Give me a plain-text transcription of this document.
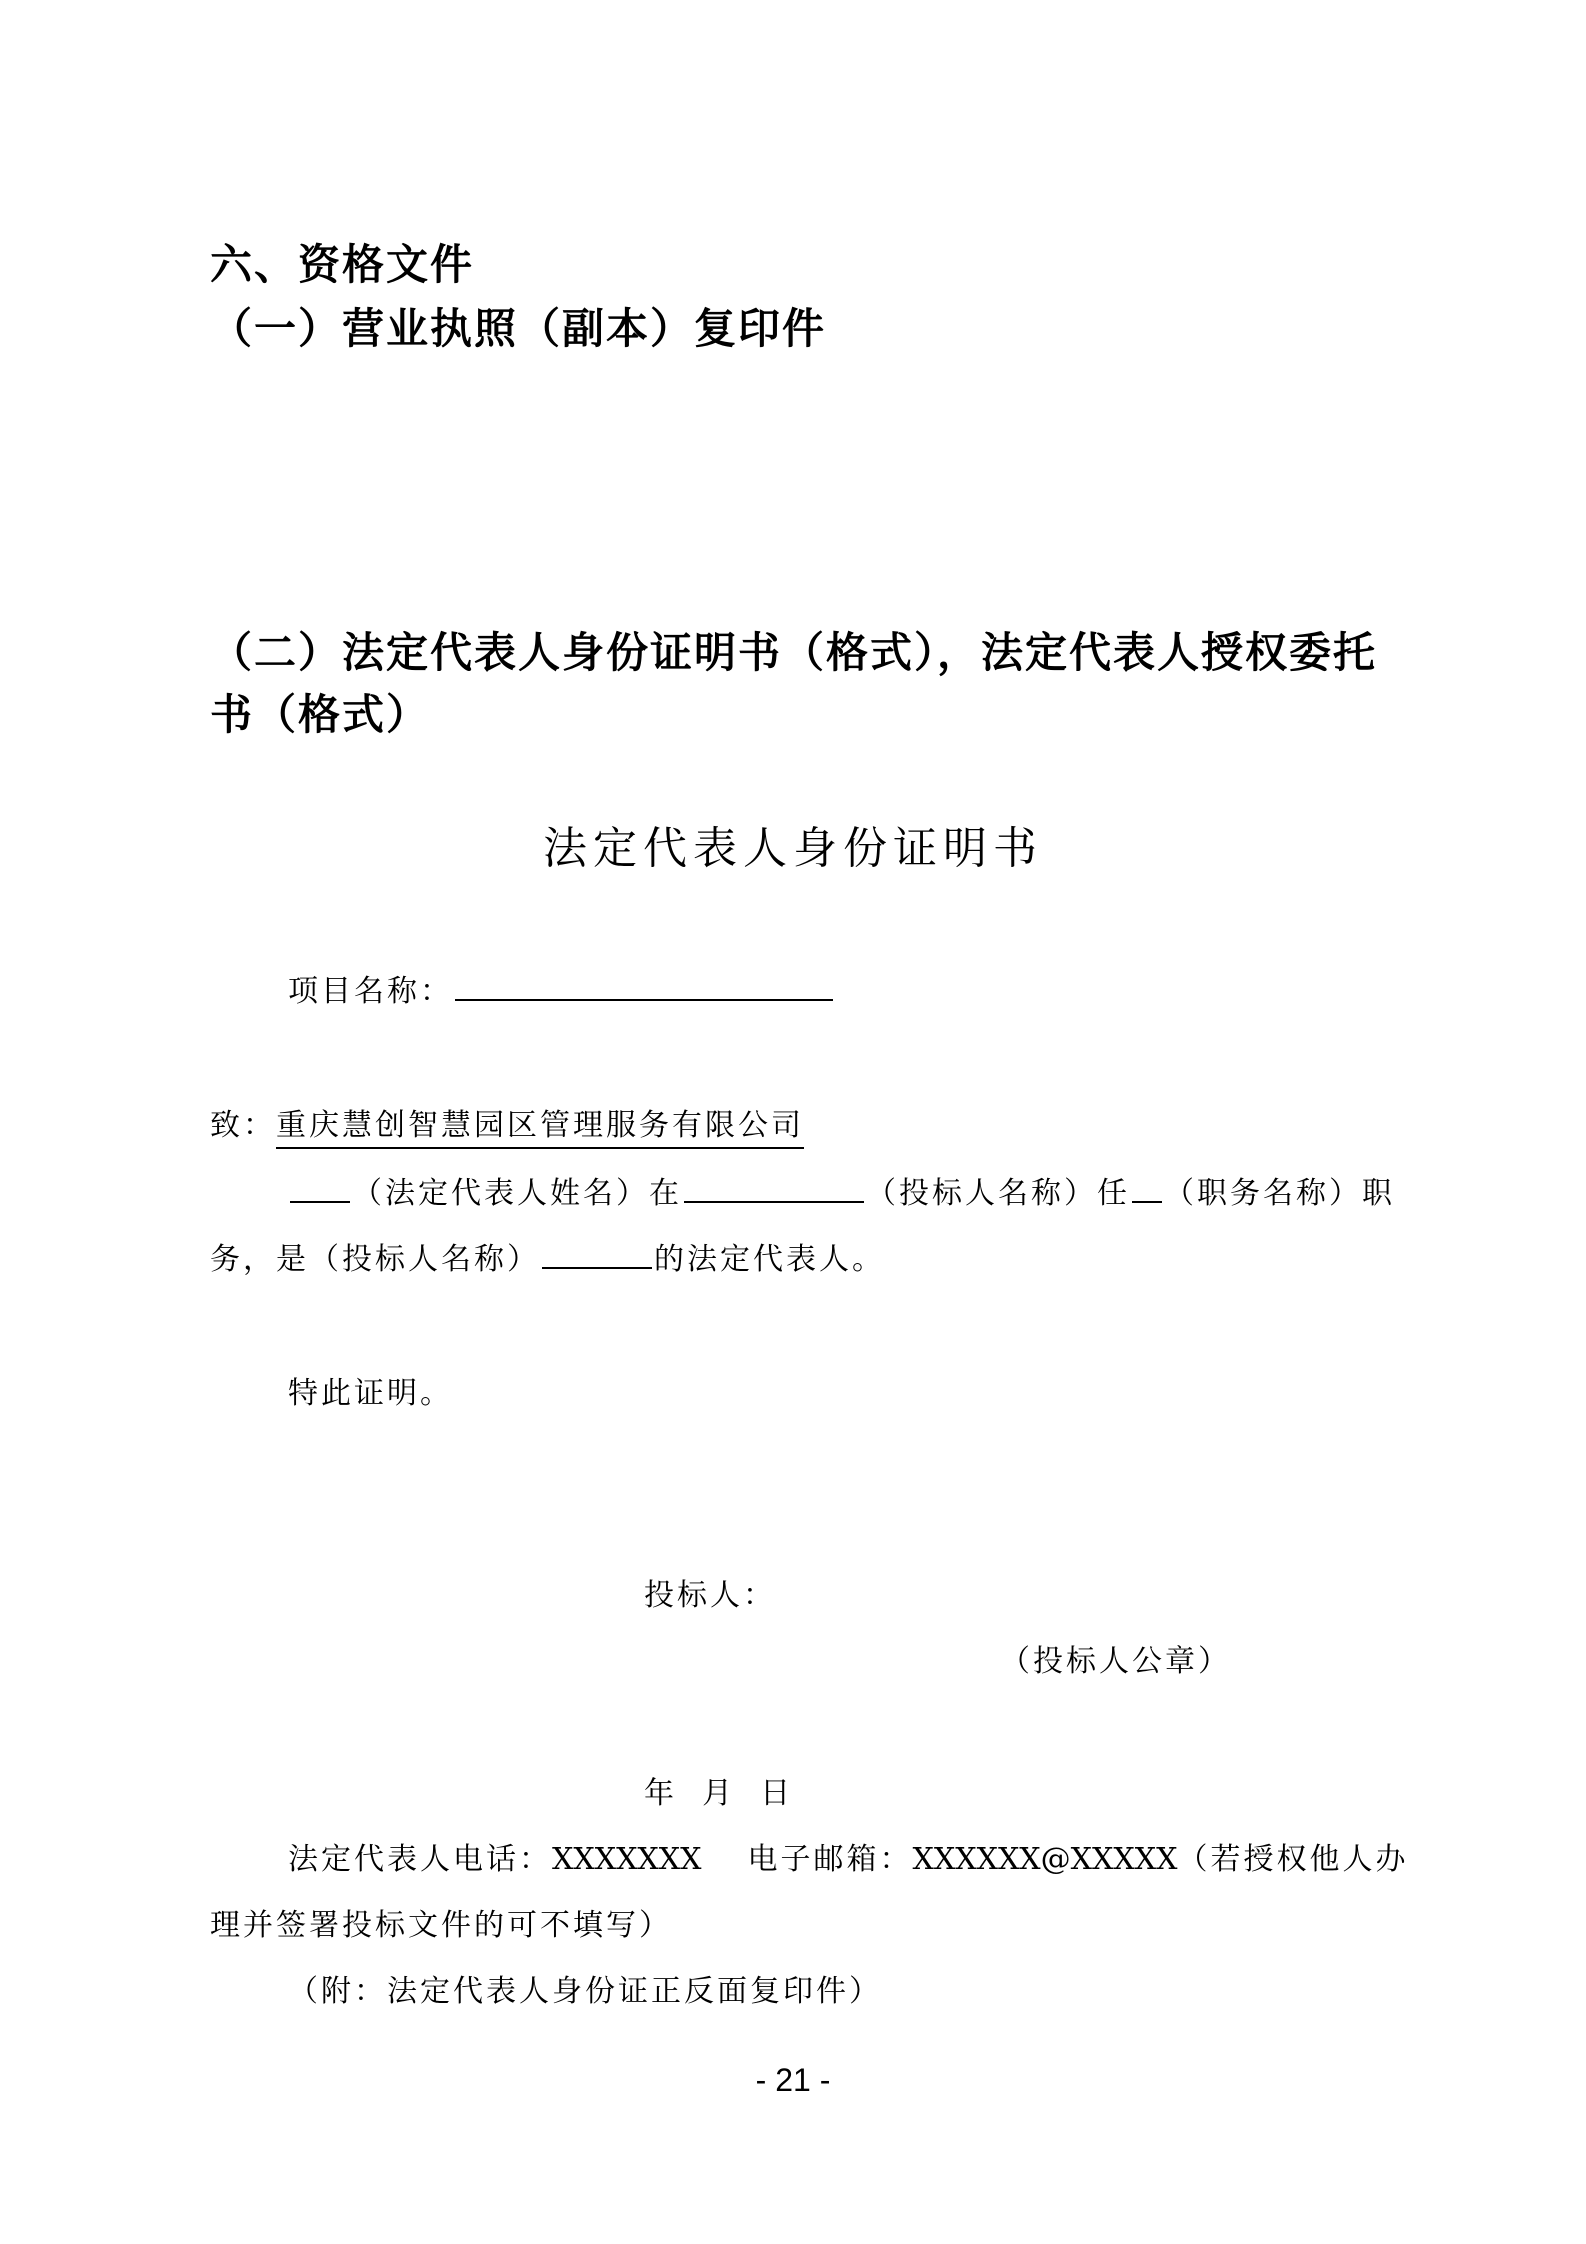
六、资格文件
（一）营业执照（副本）复印件
（二）法定代表人身份证明书（格式），法定代表人授权委托
书（格式）
法定代表人身份证明书
项目名称：
致：重庆慧创智慧园区管理服务有限公司
（法定代表人姓名）在	（投标人名称）任 （职务名称）职
务，是（投标人名称）	的法定代表人。
特此证明。
投标人：
（投标人公章）
年  月  日
法定代表人电话：XXXXXXX 电子邮箱：XXXXXX@XXXXX（若授权他人办
理并签署投标文件的可不填写）
（附：法定代表人身份证正反面复印件）
- 21 -
